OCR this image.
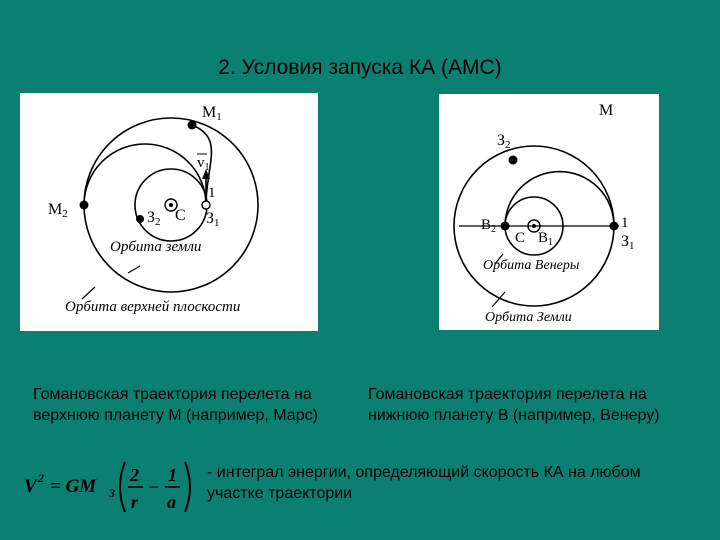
2. Условия запуска КА (АМС)
M1
M2
$v_1$
1
З2 C З1
Орбита земли
Орбита верхней плоскости
M
З2
$B_2$
C $B_1$
1
З1
Орбита Венеры
Орбита Земли
Гомановская траектория перелета на верхнюю планету М (например, Марс)
Гомановская траектория перелета на нижнюю планету В (например, Венеру)
V 2 = GM З
2
r
−
1
a
- интеграл энергии, определяющий скорость КА на любом участке траектории
